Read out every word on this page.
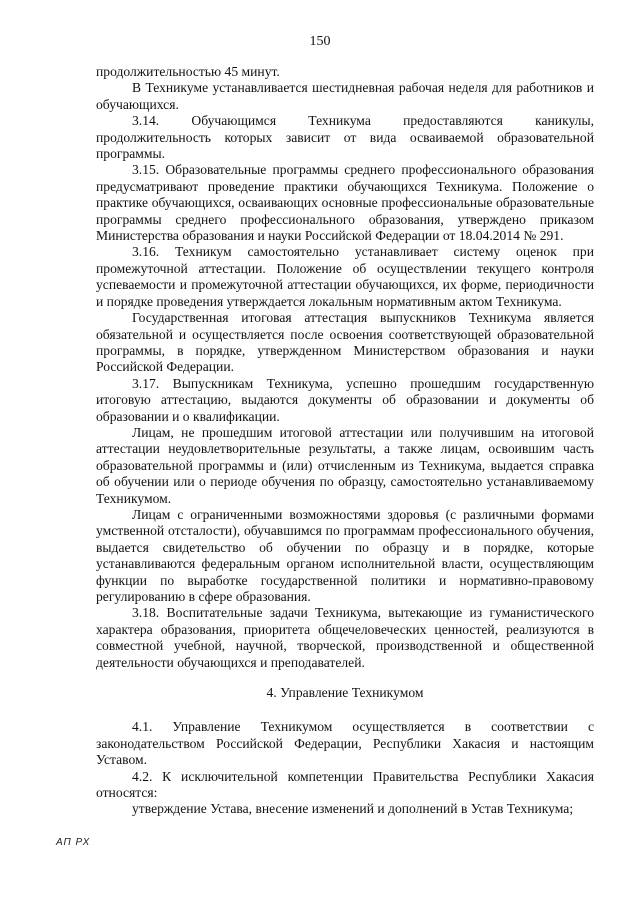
150

продолжительностью 45 минут.

В Техникуме устанавливается шестидневная рабочая неделя для работников и обучающихся.

3.14. Обучающимся Техникума предоставляются каникулы, продолжительность которых зависит от вида осваиваемой образовательной программы.

3.15. Образовательные программы среднего профессионального образования предусматривают проведение практики обучающихся Техникума. Положение о практике обучающихся, осваивающих основные профессиональные образовательные программы среднего профессионального образования, утверждено приказом Министерства образования и науки Российской Федерации от 18.04.2014 № 291.

3.16. Техникум самостоятельно устанавливает систему оценок при промежуточной аттестации. Положение об осуществлении текущего контроля успеваемости и промежуточной аттестации обучающихся, их форме, периодичности и порядке проведения утверждается локальным нормативным актом Техникума.

Государственная итоговая аттестация выпускников Техникума является обязательной и осуществляется после освоения соответствующей образовательной программы, в порядке, утвержденном Министерством образования и науки Российской Федерации.

3.17. Выпускникам Техникума, успешно прошедшим государственную итоговую аттестацию, выдаются документы об образовании и документы об образовании и о квалификации.

Лицам, не прошедшим итоговой аттестации или получившим на итоговой аттестации неудовлетворительные результаты, а также лицам, освоившим часть образовательной программы и (или) отчисленным из Техникума, выдается справка об обучении или о периоде обучения по образцу, самостоятельно устанавливаемому Техникумом.

Лицам с ограниченными возможностями здоровья (с различными формами умственной отсталости), обучавшимся по программам профессионального обучения, выдается свидетельство об обучении по образцу и в порядке, которые устанавливаются федеральным органом исполнительной власти, осуществляющим функции по выработке государственной политики и нормативно-правовому регулированию в сфере образования.

3.18. Воспитательные задачи Техникума, вытекающие из гуманистического характера образования, приоритета общечеловеческих ценностей, реализуются в совместной учебной, научной, творческой, производственной и общественной деятельности обучающихся и преподавателей.

4. Управление Техникумом

4.1. Управление Техникумом осуществляется в соответствии с законодательством Российской Федерации, Республики Хакасия и настоящим Уставом.

4.2. К исключительной компетенции Правительства Республики Хакасия относятся:

утверждение Устава, внесение изменений и дополнений в Устав Техникума;

АП РХ
